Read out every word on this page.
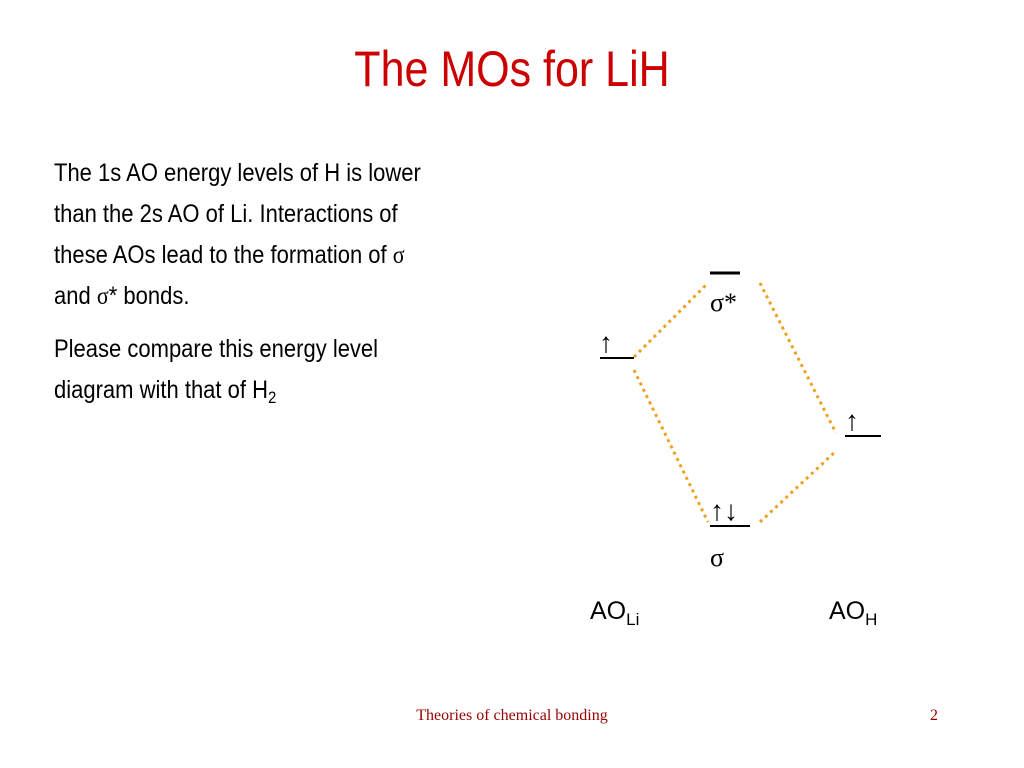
The MOs for LiH

The 1s AO energy levels of H is lower
than the 2s AO of Li. Interactions of
these AOs lead to the formation of σ
and σ* bonds.

Please compare this energy level
diagram with that of $H_2$

σ*
↑
↑
↑↓
σ
$AO_{Li}$	$AO_H$
Theories of chemical bonding	2
